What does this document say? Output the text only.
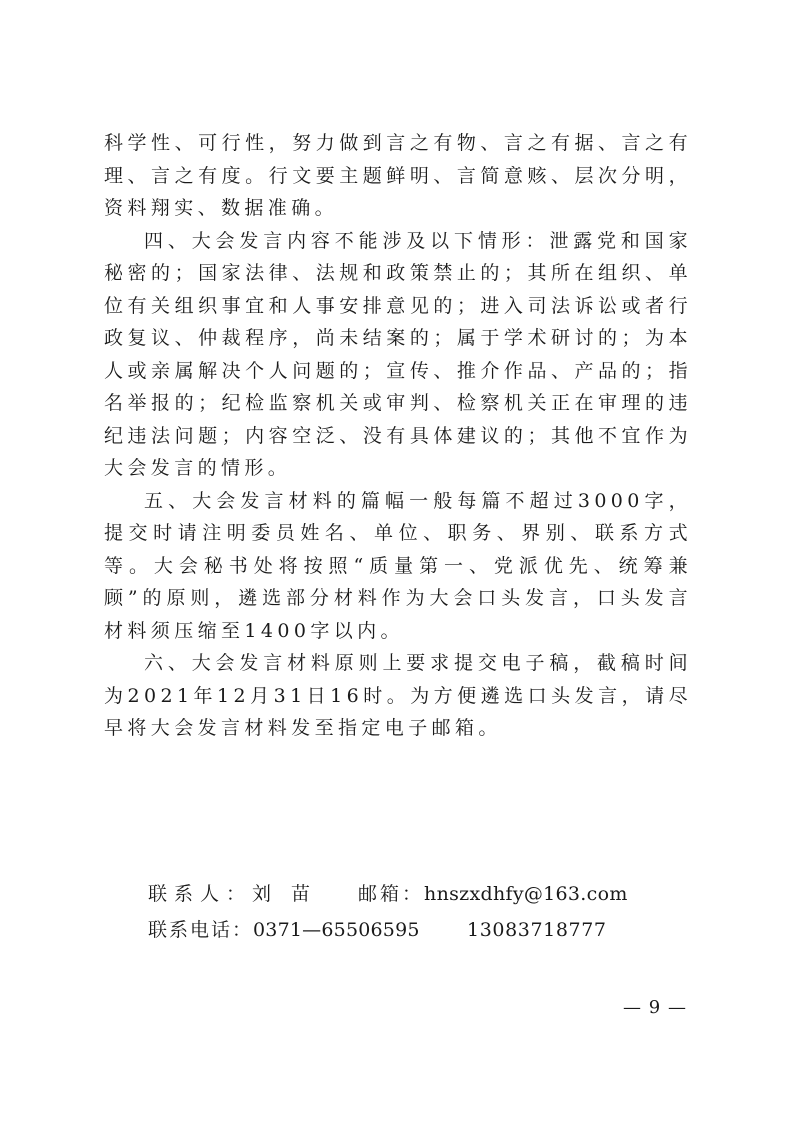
科学性、可行性，努力做到言之有物、言之有据、言之有理、言之有度。行文要主题鲜明、言简意赅、层次分明，资料翔实、数据准确。

四、大会发言内容不能涉及以下情形：泄露党和国家秘密的；国家法律、法规和政策禁止的；其所在组织、单位有关组织事宜和人事安排意见的；进入司法诉讼或者行政复议、仲裁程序，尚未结案的；属于学术研讨的；为本人或亲属解决个人问题的；宣传、推介作品、产品的；指名举报的；纪检监察机关或审判、检察机关正在审理的违纪违法问题；内容空泛、没有具体建议的；其他不宜作为大会发言的情形。

五、大会发言材料的篇幅一般每篇不超过3000字，提交时请注明委员姓名、单位、职务、界别、联系方式等。大会秘书处将按照“质量第一、党派优先、统筹兼顾”的原则，遴选部分材料作为大会口头发言，口头发言材料须压缩至1400字以内。

六、大会发言材料原则上要求提交电子稿，截稿时间为2021年12月31日16时。为方便遴选口头发言，请尽早将大会发言材料发至指定电子邮箱。

联系人：刘苗 邮箱：hnszxdhfy@163.com
联系电话：0371—65506595 13083718777
— 9 —
